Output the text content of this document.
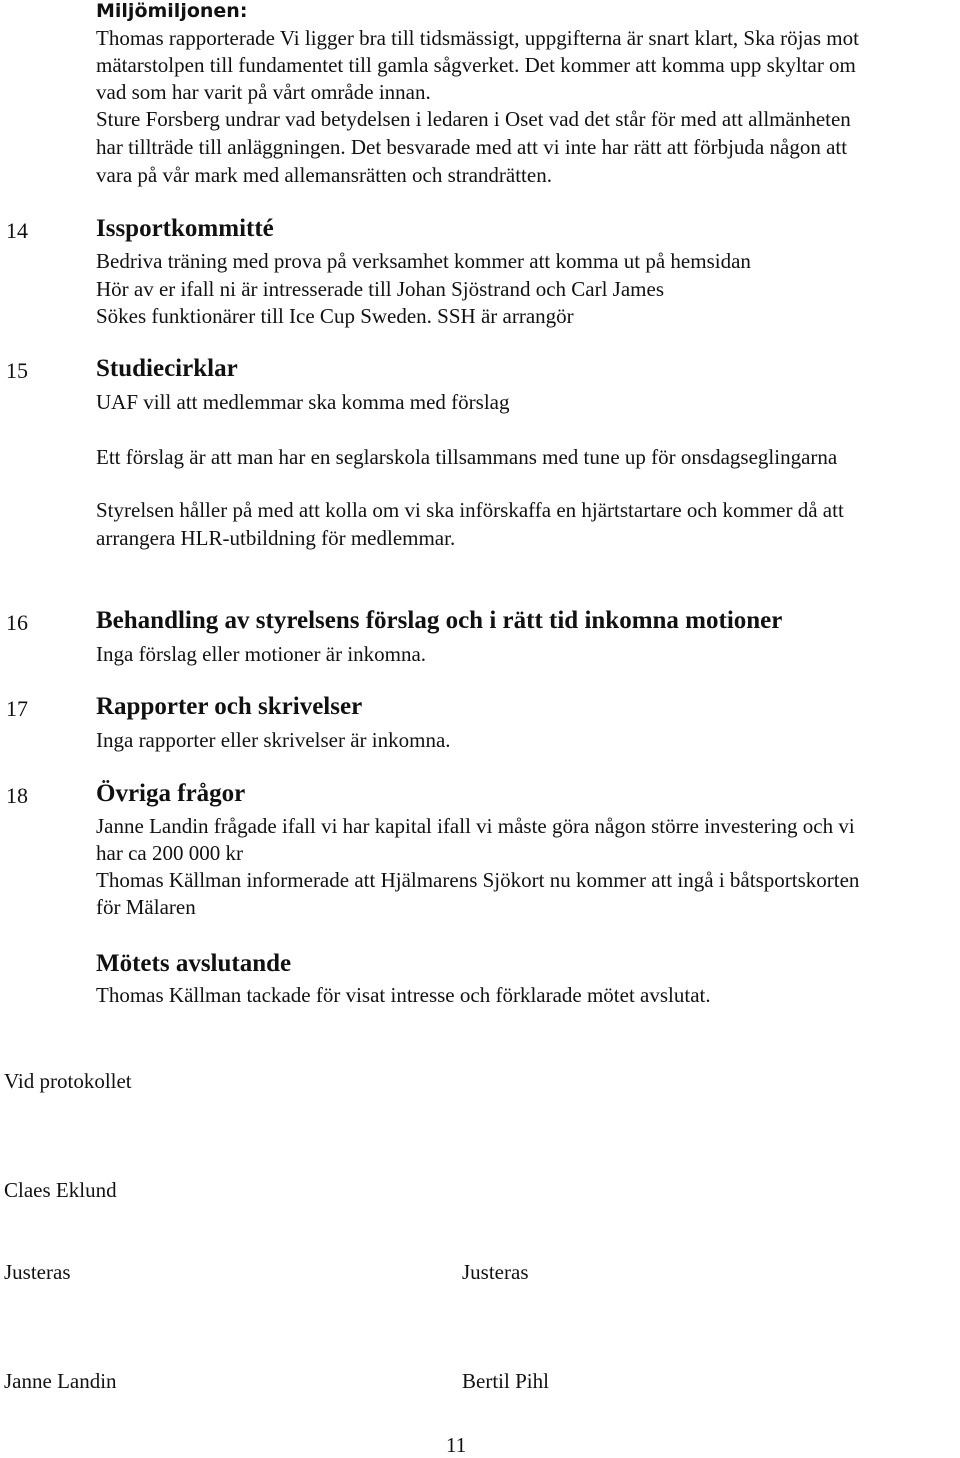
Miljömiljonen:
Thomas rapporterade Vi ligger bra till tidsmässigt, uppgifterna är snart klart, Ska röjas mot
mätarstolpen till fundamentet till gamla sågverket. Det kommer att komma upp skyltar om
vad som har varit på vårt område innan.
Sture Forsberg undrar vad betydelsen i ledaren i Oset vad det står för med att allmänheten
har tillträde till anläggningen. Det besvarade med att vi inte har rätt att förbjuda någon att
vara på vår mark med allemansrätten och strandrätten.
14	Issportkommitté
Bedriva träning med prova på verksamhet kommer att komma ut på hemsidan
Hör av er ifall ni är intresserade till Johan Sjöstrand och Carl James
Sökes funktionärer till Ice Cup Sweden. SSH är arrangör
15	Studiecirklar
UAF vill att medlemmar ska komma med förslag
Ett förslag är att man har en seglarskola tillsammans med tune up för onsdagseglingarna
Styrelsen håller på med att kolla om vi ska införskaffa en hjärtstartare och kommer då att
arrangera HLR-utbildning för medlemmar.
16	Behandling av styrelsens förslag och i rätt tid inkomna motioner
Inga förslag eller motioner är inkomna.
17	Rapporter och skrivelser
Inga rapporter eller skrivelser är inkomna.
18	Övriga frågor
Janne Landin frågade ifall vi har kapital ifall vi måste göra någon större investering och vi
har ca 200 000 kr
Thomas Källman informerade att Hjälmarens Sjökort nu kommer att ingå i båtsportskorten
för Mälaren
Mötets avslutande
Thomas Källman tackade för visat intresse och förklarade mötet avslutat.
Vid protokollet
Claes Eklund
Justeras	Justeras
Janne Landin	Bertil Pihl
11
